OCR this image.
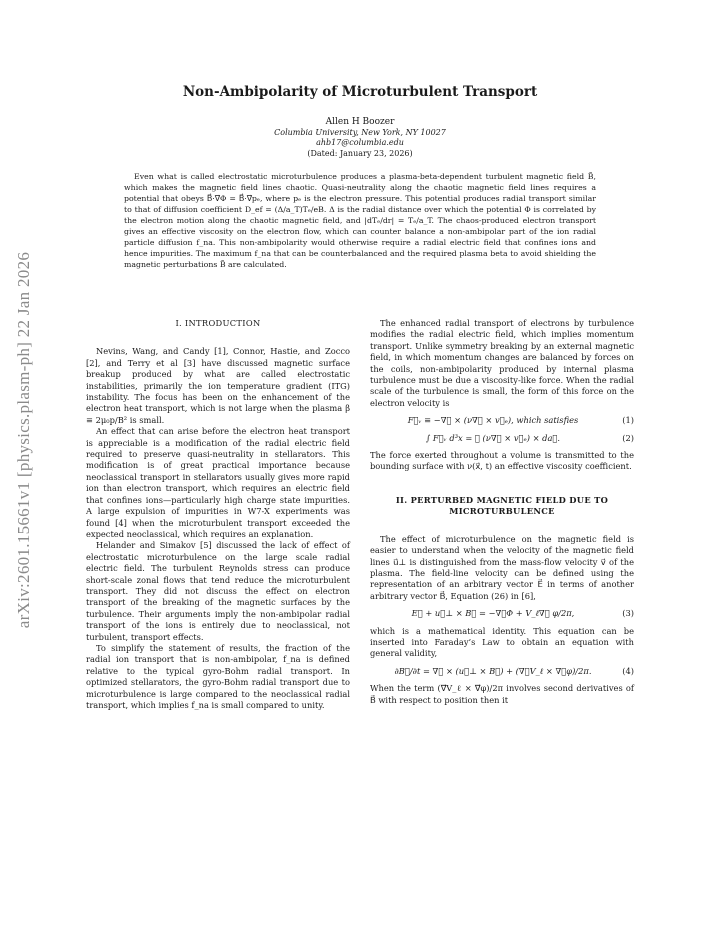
arXiv:2601.15661v1 [physics.plasm-ph] 22 Jan 2026
Non-Ambipolarity of Microturbulent Transport
Allen H Boozer
Columbia University, New York, NY 10027
ahb17@columbia.edu
(Dated: January 23, 2026)
Even what is called electrostatic microturbulence produces a plasma-beta-dependent turbulent magnetic field B̃, which makes the magnetic field lines chaotic. Quasi-neutrality along the chaotic magnetic field lines requires a potential that obeys B⃗·∇⃗Φ = B⃗·∇⃗pₑ, where pₑ is the electron pressure. This potential produces radial transport similar to that of diffusion coefficient D_ef = (Δ/a_T)Tₑ/eB. Δ is the radial distance over which the potential Φ is correlated by the electron motion along the chaotic magnetic field, and |dTₑ/dr| = Tₑ/a_T. The chaos-produced electron transport gives an effective viscosity on the electron flow, which can counter balance a non-ambipolar part of the ion radial particle diffusion f_na. This non-ambipolarity would otherwise require a radial electric field that confines ions and hence impurities. The maximum f_na that can be counterbalanced and the required plasma beta to avoid shielding the magnetic perturbations B̃ are calculated.
I. INTRODUCTION

Nevins, Wang, and Candy [1], Connor, Hastie, and Zocco [2], and Terry et al [3] have discussed magnetic surface breakup produced by what are called electrostatic instabilities, primarily the ion temperature gradient (ITG) instability. The focus has been on the enhancement of the electron heat transport, which is not large when the plasma β ≡ 2μ₀p/B² is small.

An effect that can arise before the electron heat transport is appreciable is a modification of the radial electric field required to preserve quasi-neutrality in stellarators. This modification is of great practical importance because neoclassical transport in stellarators usually gives more rapid ion than electron transport, which requires an electric field that confines ions—particularly high charge state impurities. A large expulsion of impurities in W7-X experiments was found [4] when the microturbulent transport exceeded the expected neoclassical, which requires an explanation.

Helander and Simakov [5] discussed the lack of effect of electrostatic microturbulence on the large scale radial electric field. The turbulent Reynolds stress can produce short-scale zonal flows that tend reduce the microturbulent transport. They did not discuss the effect on electron transport of the breaking of the magnetic surfaces by the turbulence. Their arguments imply the non-ambipolar radial transport of the ions is entirely due to neoclassical, not turbulent, transport effects.

To simplify the statement of results, the fraction of the radial ion transport that is non-ambipolar, f_na is defined relative to the typical gyro-Bohm radial transport. In optimized stellarators, the gyro-Bohm radial transport due to microturbulence is large compared to the neoclassical radial transport, which implies f_na is small compared to unity.

The enhanced radial transport of electrons by turbulence modifies the radial electric field, which implies momentum transport. Unlike symmetry breaking by an external magnetic field, in which momentum changes are balanced by forces on the coils, non-ambipolarity produced by internal plasma turbulence must be due a viscosity-like force. When the radial scale of the turbulence is small, the form of this force on the electron velocity is

F⃗ᵥ ≡ −∇⃗ × (ν∇⃗ × v⃗ₑ), which satisfies	(1)
∫ F⃗ᵥ d³x = ∮ (ν∇⃗ × v⃗ₑ) × da⃗.	(2)

The force exerted throughout a volume is transmitted to the bounding surface with ν(x⃗, t) an effective viscosity coefficient.

II. PERTURBED MAGNETIC FIELD DUE TO MICROTURBULENCE

The effect of microturbulence on the magnetic field is easier to understand when the velocity of the magnetic field lines u⃗⊥ is distinguished from the mass-flow velocity v⃗ of the plasma. The field-line velocity can be defined using the representation of an arbitrary vector E⃗ in terms of another arbitrary vector B⃗, Equation (26) in [6],

E⃗ + u⃗⊥ × B⃗ = −∇⃗Φ + V_ℓ∇⃗ φ/2π,	(3)

which is a mathematical identity. This equation can be inserted into Faraday’s Law to obtain an equation with general validity,

∂B⃗/∂t = ∇⃗ × (u⃗⊥ × B⃗) + (∇⃗V_ℓ × ∇⃗φ)/2π.	(4)

When the term (∇⃗V_ℓ × ∇⃗φ)/2π involves second derivatives of B⃗ with respect to position then it
